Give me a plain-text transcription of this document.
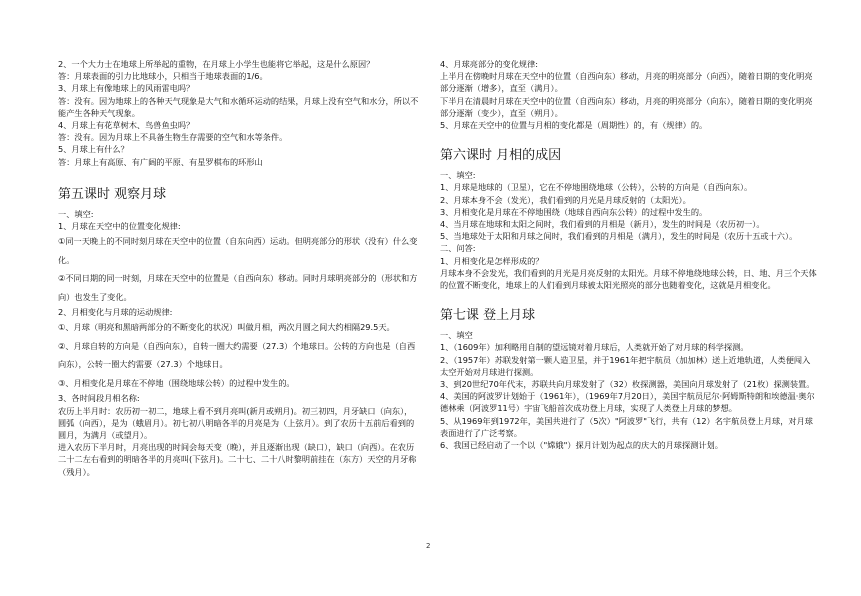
2、一个大力士在地球上所举起的重物，在月球上小学生也能将它举起，这是什么原因？

答：月球表面的引力比地球小，只相当于地球表面的1/6。

3、月球上有像地球上的风雨雷电吗？

答：没有。因为地球上的各种天气现象是大气和水循环运动的结果，月球上没有空气和水分，所以不能产生各种天气现象。

4、月球上有花草树木、鸟兽鱼虫吗？

答：没有。因为月球上不具备生物生存需要的空气和水等条件。

5、月球上有什么？

答：月球上有高原、有广阔的平原、有星罗棋布的环形山

第五课时 观察月球

一、填空:

1、月球在天空中的位置变化规律:

①同一天晚上的不同时刻月球在天空中的位置（自东向西）运动。但明亮部分的形状（没有）什么变化。

②不同日期的同一时刻，月球在天空中的位置是（自西向东）移动。同时月球明亮部分的（形状和方向）也发生了变化。

2、月相变化与月球的运动规律:

①、月球（明亮和黑暗两部分的不断变化的状况）叫做月相，两次月圆之间大约相隔29.5天。

②、月球自转的方向是（自西向东），自转一圈大约需要（27.3）个地球日。公转的方向也是（自西向东），公转一圈大约需要（27.3）个地球日。

③、月相变化是月球在不停地（围绕地球公转）的过程中发生的。

3、各时间段月相名称:

农历上半月时：农历初一初二，地球上看不到月亮叫(新月或朔月)。初三初四，月牙缺口（向东），圆弧（向西），是为（蛾眉月）。初七初八明暗各半的月亮是为（上弦月）。到了农历十五前后看到的圆月，为满月（或望月）。

进入农历下半月时，月亮出现的时间会每天变（晚），并且逐渐出现（缺口），缺口（向西）。在农历二十二左右看到的明暗各半的月亮叫(下弦月)。二十七、二十八时黎明前挂在（东方）天空的月牙称（残月）。

4、月球亮部分的变化规律:

上半月在傍晚时月球在天空中的位置（自西向东）移动，月亮的明亮部分（向西），随着日期的变化明亮部分逐渐（增多），直至（满月）。

下半月在清晨时月球在天空中的位置（自西向东）移动，月亮的明亮部分（向东），随着日期的变化明亮部分逐渐（变少），直至（朔月）。

5、月球在天空中的位置与月相的变化都是（周期性）的，有（规律）的。

第六课时 月相的成因

一、填空:

1、月球是地球的（卫星），它在不停地围绕地球（公转），公转的方向是（自西向东）。

2、月球本身不会（发光），我们看到的月光是月球反射的（太阳光）。

3、月相变化是月球在不停地围绕（地球自西向东公转）的过程中发生的。

4、当月球在地球和太阳之间时，我们看到的月相是（新月），发生的时间是（农历初一）。

5、当地球处于太阳和月球之间时，我们看到的月相是（满月），发生的时间是（农历十五或十六）。

二、问答:

1、月相变化是怎样形成的？

月球本身不会发光，我们看到的月光是月亮反射的太阳光。月球不停地绕地球公转，日、地、月三个天体的位置不断变化，地球上的人们看到月球被太阳光照亮的部分也随着变化，这就是月相变化。

第七课 登上月球

一、填空

1、（1609年）加利略用自制的望远镜对着月球后，人类就开始了对月球的科学探测。

2、（1957年）苏联发射第一颗人造卫星，并于1961年把宇航员（加加林）送上近地轨道，人类便闯入太空开始对月球进行探测。

3、到20世纪70年代末，苏联共向月球发射了（32）枚探测器，美国向月球发射了（21枚）探测装置。

4、美国的阿波罗计划始于（1961年），（1969年7月20日），美国宇航员尼尔·阿姆斯特朗和埃德温·奥尔德林乘（阿波罗11号）宇宙飞船首次成功登上月球，实现了人类登上月球的梦想。

5、从1969年到1972年，美国共进行了（5次）"阿波罗"飞行，共有（12）名宇航员登上月球，对月球表面进行了广泛考察。

6、我国已经启动了一个以（"嫦娥"）探月计划为起点的庆大的月球探测计划。

2
